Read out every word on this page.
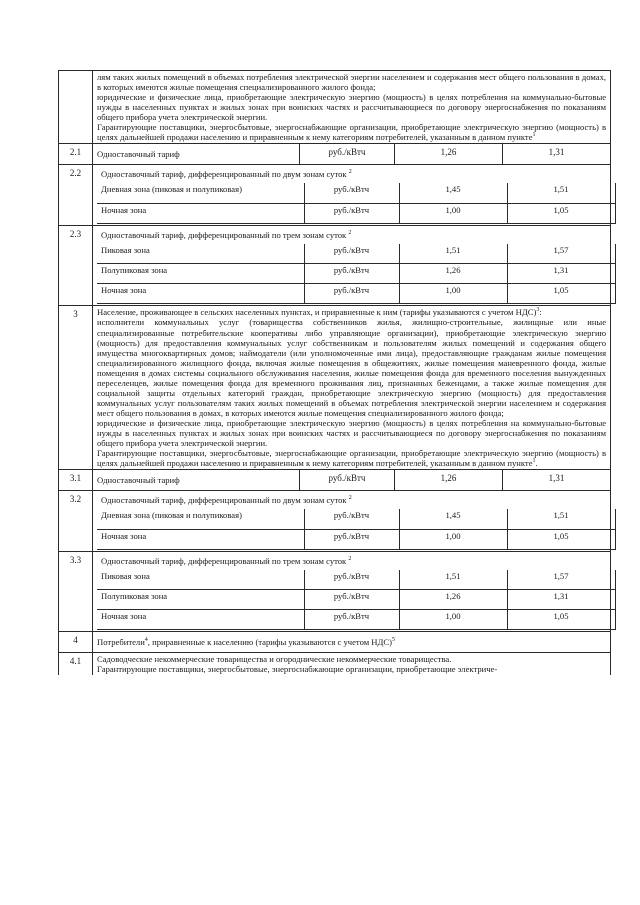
лям таких жилых помещений в объемах потребления электрической энергии населением и содержания мест общего пользования в домах, в которых имеются жилые помещения специализированного жилого фонда;

юридические и физические лица, приобретающие электрическую энергию (мощность) в целях потребления на коммунально-бытовые нужды в населенных пунктах и жилых зонах при воинских частях и рассчитывающиеся по договору энергоснабжения по показаниям общего прибора учета электрической энергии.

Гарантирующие поставщики, энергосбытовые, энергоснабжающие организации, приобретающие электрическую энергию (мощность) в целях дальнейшей продажи населению и приравненным к нему категориям потребителей, указанным в данном пункте$^1$

2.1	Одноставочный тариф	руб./кВтч	1,26	1,31
2.2	Одноставочный тариф, дифференцированный по двум зонам суток $^2$
Дневная зона (пиковая и полупиковая)	руб./кВтч	1,45	1,51
Ночная зона	руб./кВтч	1,00	1,05

2.3	Одноставочный тариф, дифференцированный по трем зонам суток $^2$
Пиковая зона	руб./кВтч	1,51	1,57
Полупиковая зона	руб./кВтч	1,26	1,31
Ночная зона	руб./кВтч	1,00	1,05

3	Население, проживающее в сельских населенных пунктах, и приравненные к ним (тарифы указываются с учетом НДС)$^3$:

исполнители коммунальных услуг (товарищества собственников жилья, жилищно-строительные, жилищные или иные специализированные потребительские кооперативы либо управляющие организации), приобретающие электрическую энергию (мощность) для предоставления коммунальных услуг собственникам и пользователям жилых помещений и содержания общего имущества многоквартирных домов; наймодатели (или уполномоченные ими лица), предоставляющие гражданам жилые помещения специализированного жилищного фонда, включая жилые помещения в общежитиях, жилые помещения маневренного фонда, жилые помещения в домах системы социального обслуживания населения, жилые помещения фонда для временного поселения вынужденных переселенцев, жилые помещения фонда для временного проживания лиц, признанных беженцами, а также жилые помещения для социальной защиты отдельных категорий граждан, приобретающие электрическую энергию (мощность) для предоставления коммунальных услуг пользователям таких жилых помещений в объемах потребления электрической энергии населением и содержания мест общего пользования в домах, в которых имеются жилые помещения специализированного жилого фонда;

юридические и физические лица, приобретающие электрическую энергию (мощность) в целях потребления на коммунально-бытовые нужды в населенных пунктах и жилых зонах при воинских частях и рассчитывающиеся по договору энергоснабжения по показаниям общего прибора учета электрической энергии.

Гарантирующие поставщики, энергосбытовые, энергоснабжающие организации, приобретающие электрическую энергию (мощность) в целях дальнейшей продажи населению и приравненным к нему категориям потребителей, указанным в данном пункте$^1$.

3.1	Одноставочный тариф	руб./кВтч	1,26	1,31
3.2	Одноставочный тариф, дифференцированный по двум зонам суток $^2$
Дневная зона (пиковая и полупиковая)	руб./кВтч	1,45	1,51
Ночная зона	руб./кВтч	1,00	1,05

3.3	Одноставочный тариф, дифференцированный по трем зонам суток $^2$
Пиковая зона	руб./кВтч	1,51	1,57
Полупиковая зона	руб./кВтч	1,26	1,31
Ночная зона	руб./кВтч	1,00	1,05

4	Потребители$^4$, приравненные к населению (тарифы указываются с учетом НДС)$^5$
4.1	Садоводческие некоммерческие товарищества и огороднические некоммерческие товарищества.

Гарантирующие поставщики, энергосбытовые, энергоснабжающие организации, приобретающие электриче-
